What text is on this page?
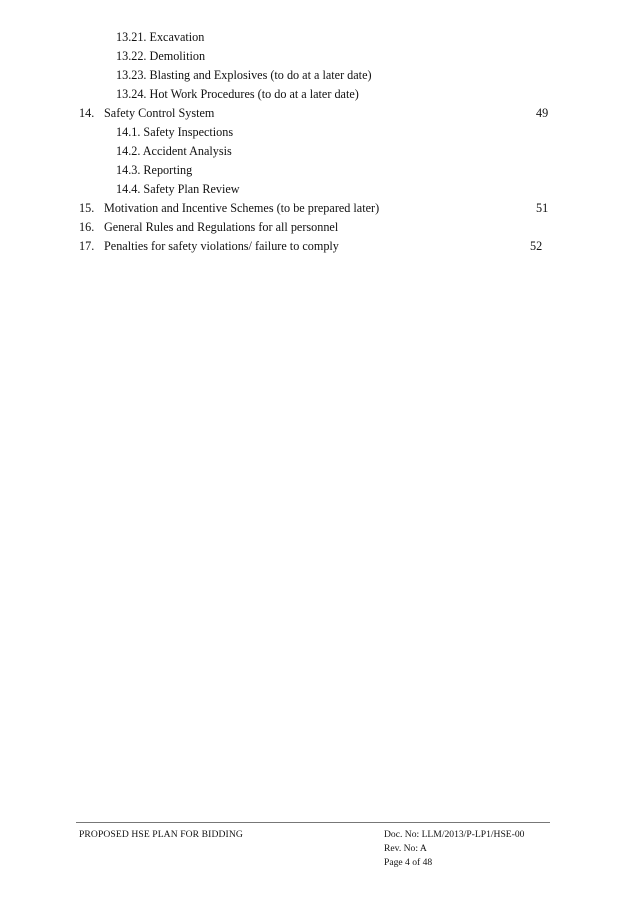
13.21. Excavation
13.22. Demolition
13.23. Blasting and Explosives (to do at a later date)
13.24. Hot Work Procedures (to do at a later date)
14. Safety Control System	49
14.1. Safety Inspections
14.2. Accident Analysis
14.3. Reporting
14.4. Safety Plan Review
15. Motivation and Incentive Schemes (to be prepared later)	51
16. General Rules and Regulations for all personnel
17. Penalties for safety violations/ failure to comply	52
PROPOSED HSE PLAN FOR BIDDING	Doc. No: LLM/2013/P-LP1/HSE-00
Rev. No: A
Page 4 of 48
